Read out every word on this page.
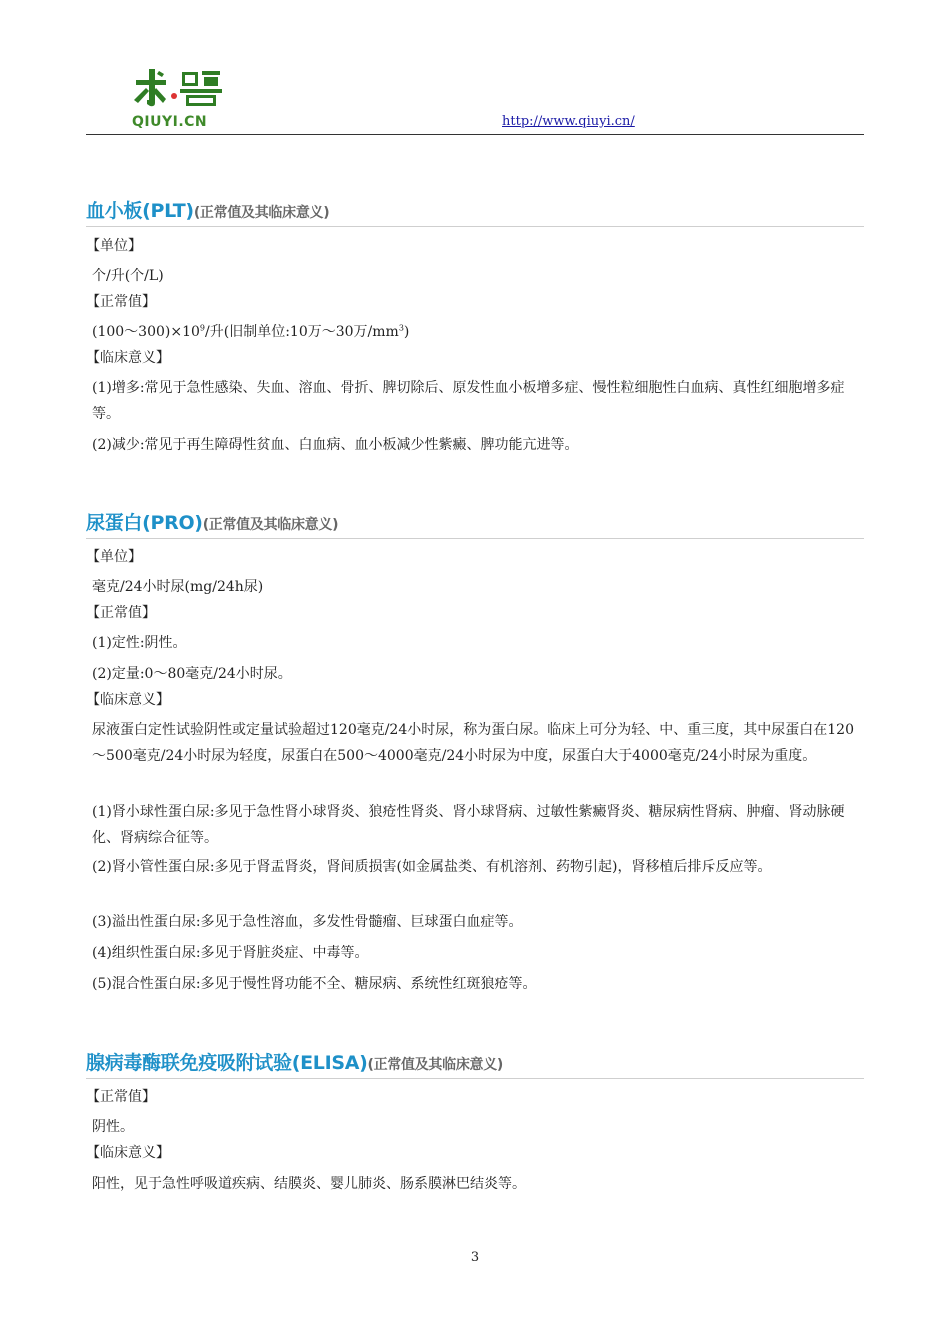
QIUYI.CN	http://www.qiuyi.cn/
血小板(PLT)(正常值及其临床意义)
【单位】
个/升(个/L)
【正常值】
$(100\sim 300)\times 10^9/$升(旧制单位:10万～30万$/mm^3$)
【临床意义】
(1)增多:常见于急性感染、失血、溶血、骨折、脾切除后、原发性血小板增多症、慢性粒细胞性白血病、真性红细胞增多症等。
(2)减少:常见于再生障碍性贫血、白血病、血小板减少性紫癜、脾功能亢进等。
尿蛋白(PRO)(正常值及其临床意义)
【单位】
毫克/24小时尿(mg/24h尿)
【正常值】
(1)定性:阴性。
(2)定量:0～80毫克/24小时尿。
【临床意义】
尿液蛋白定性试验阴性或定量试验超过120毫克/24小时尿，称为蛋白尿。临床上可分为轻、中、重三度，其中尿蛋白在120～500毫克/24小时尿为轻度，尿蛋白在500～4000毫克/24小时尿为中度，尿蛋白大于4000毫克/24小时尿为重度。
(1)肾小球性蛋白尿:多见于急性肾小球肾炎、狼疮性肾炎、肾小球肾病、过敏性紫癜肾炎、糖尿病性肾病、肿瘤、肾动脉硬化、肾病综合征等。
(2)肾小管性蛋白尿:多见于肾盂肾炎，肾间质损害(如金属盐类、有机溶剂、药物引起)，肾移植后排斥反应等。
(3)溢出性蛋白尿:多见于急性溶血，多发性骨髓瘤、巨球蛋白血症等。
(4)组织性蛋白尿:多见于肾脏炎症、中毒等。
(5)混合性蛋白尿:多见于慢性肾功能不全、糖尿病、系统性红斑狼疮等。
腺病毒酶联免疫吸附试验(ELISA)(正常值及其临床意义)
【正常值】
阴性。
【临床意义】
阳性，见于急性呼吸道疾病、结膜炎、婴儿肺炎、肠系膜淋巴结炎等。
3
